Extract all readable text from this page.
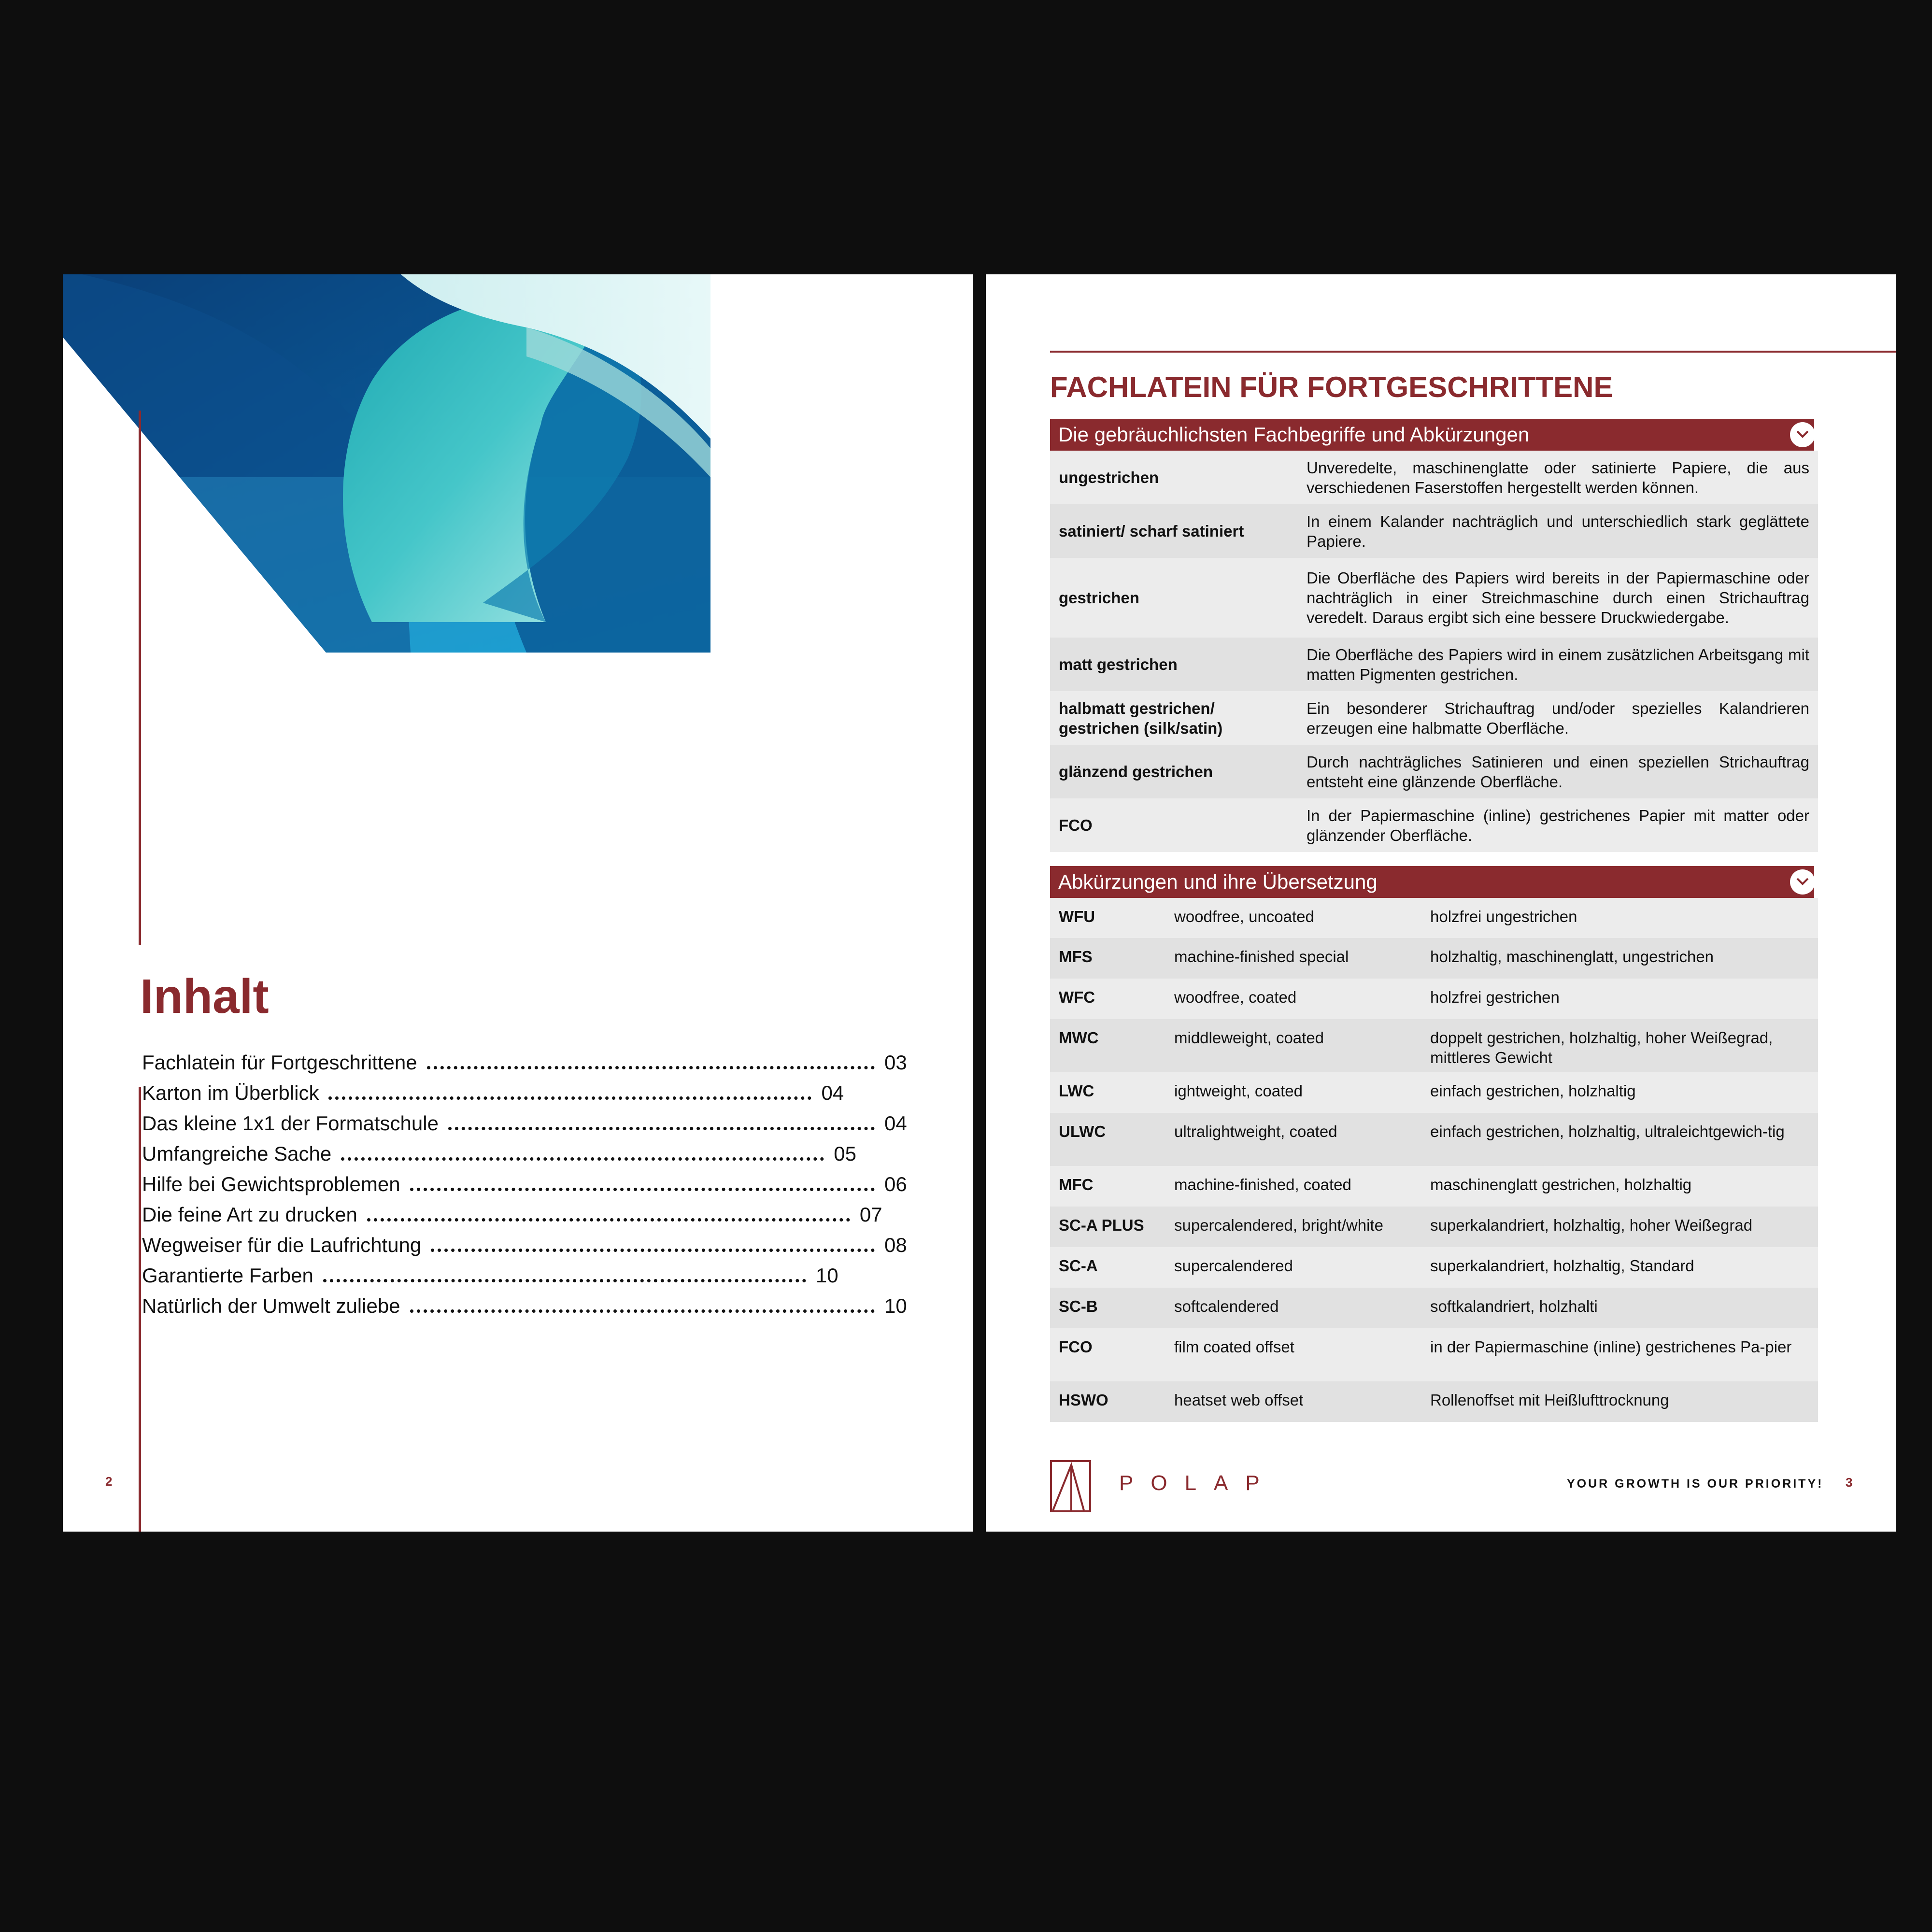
Inhalt
Fachlatein für Fortgeschrittene	03
Karton im Überblick	04
Das kleine 1x1 der Formatschule	04
Umfangreiche Sache	05
Hilfe bei Gewichtsproblemen	06
Die feine Art zu drucken	07
Wegweiser für die Laufrichtung	08
Garantierte Farben	10
Natürlich der Umwelt zuliebe	10
2
FACHLATEIN FÜR FORTGESCHRITTENE
Die gebräuchlichsten Fachbegriffe und Abkürzungen
ungestrichen	Unveredelte, maschinenglatte oder satinierte Papiere, die aus verschiedenen Faserstoffen hergestellt werden können.
satiniert/ scharf satiniert	In einem Kalander nachträglich und unterschiedlich stark geglättete Papiere.
gestrichen	Die Oberfläche des Papiers wird bereits in der Papiermaschine oder nachträglich in einer Streichmaschine durch einen Strichauftrag veredelt. Daraus ergibt sich eine bessere Druckwiedergabe.
matt gestrichen	Die Oberfläche des Papiers wird in einem zusätzlichen Arbeitsgang mit matten Pigmenten gestrichen.
halbmatt gestrichen/ gestrichen (silk/satin)	Ein besonderer Strichauftrag und/oder spezielles Kalandrieren erzeugen eine halbmatte Oberfläche.
glänzend gestrichen	Durch nachträgliches Satinieren und einen speziellen Strichauftrag entsteht eine glänzende Oberfläche.
FCO	In der Papiermaschine (inline) gestrichenes Papier mit matter oder glänzender Oberfläche.
Abkürzungen und ihre Übersetzung
WFU	woodfree, uncoated	holzfrei ungestrichen
MFS	machine-finished special	holzhaltig, maschinenglatt, ungestrichen
WFC	woodfree, coated	holzfrei gestrichen
MWC	middleweight, coated	doppelt gestrichen, holzhaltig, hoher Weißegrad, mittleres Gewicht
LWC	ightweight, coated	einfach gestrichen, holzhaltig
ULWC	ultralightweight, coated	einfach gestrichen, holzhaltig, ultraleichtgewich-tig
MFC	machine-finished, coated	maschinenglatt gestrichen, holzhaltig
SC-A PLUS	supercalendered, bright/white	superkalandriert, holzhaltig, hoher Weißegrad
SC-A	supercalendered	superkalandriert, holzhaltig, Standard
SC-B	softcalendered	softkalandriert, holzhalti
FCO	film coated offset	in der Papiermaschine (inline) gestrichenes Pa-pier
HSWO	heatset web offset	Rollenoffset mit Heißlufttrocknung
POLAP	YOUR GROWTH IS OUR PRIORITY! 3
